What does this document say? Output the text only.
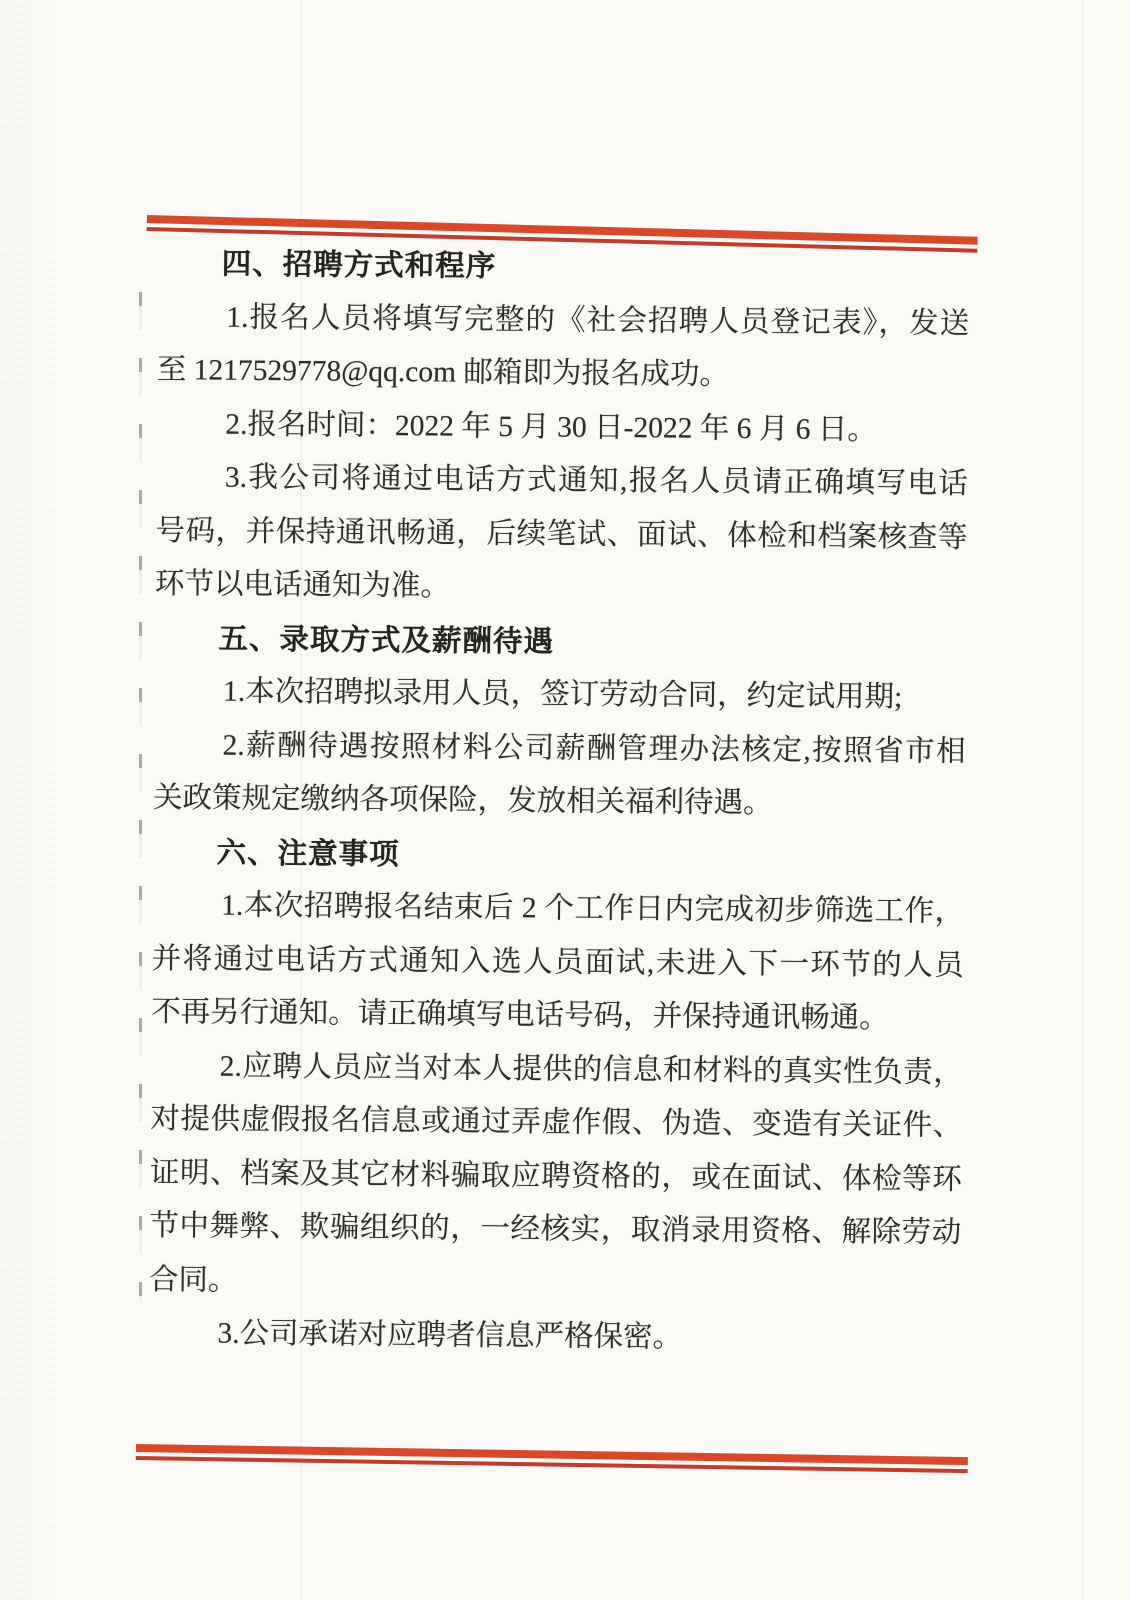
四、招聘方式和程序
1.报名人员将填写完整的《社会招聘人员登记表》，发送
至 1217529778@qq.com 邮箱即为报名成功。
2.报名时间：2022 年 5 月 30 日-2022 年 6 月 6 日。
3.我公司将通过电话方式通知,报名人员请正确填写电话
号码，并保持通讯畅通，后续笔试、面试、体检和档案核查等
环节以电话通知为准。
五、录取方式及薪酬待遇
1.本次招聘拟录用人员，签订劳动合同，约定试用期;
2.薪酬待遇按照材料公司薪酬管理办法核定,按照省市相
关政策规定缴纳各项保险，发放相关福利待遇。
六、注意事项
1.本次招聘报名结束后 2 个工作日内完成初步筛选工作，
并将通过电话方式通知入选人员面试,未进入下一环节的人员
不再另行通知。请正确填写电话号码，并保持通讯畅通。
2.应聘人员应当对本人提供的信息和材料的真实性负责，
对提供虚假报名信息或通过弄虚作假、伪造、变造有关证件、
证明、档案及其它材料骗取应聘资格的，或在面试、体检等环
节中舞弊、欺骗组织的，一经核实，取消录用资格、解除劳动
合同。
3.公司承诺对应聘者信息严格保密。
